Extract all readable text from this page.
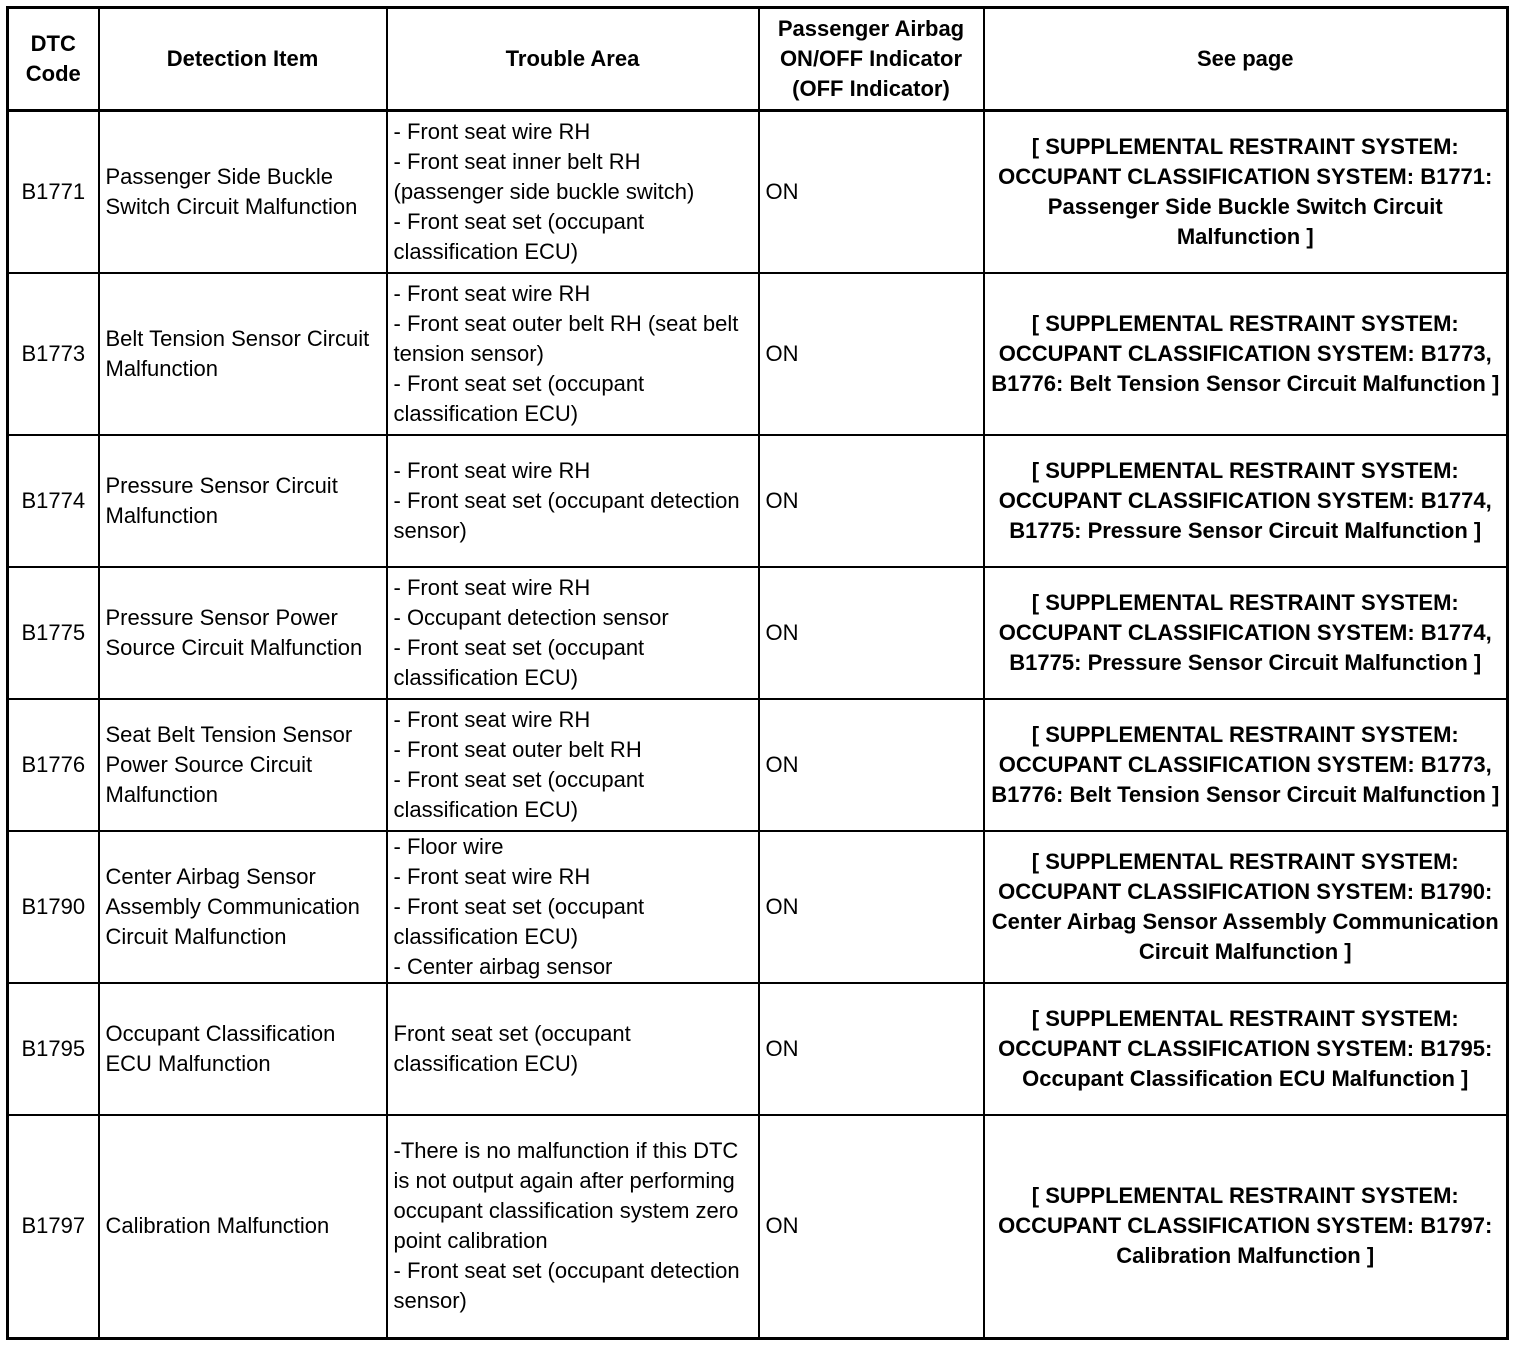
DTC Code	Detection Item	Trouble Area	Passenger Airbag ON/OFF Indicator (OFF Indicator)	See page
B1771	Passenger Side Buckle Switch Circuit Malfunction	- Front seat wire RH
- Front seat inner belt RH (passenger side buckle switch)
- Front seat set (occupant classification ECU)	ON	[ SUPPLEMENTAL RESTRAINT SYSTEM: OCCUPANT CLASSIFICATION SYSTEM: B1771: Passenger Side Buckle Switch Circuit Malfunction ]
B1773	Belt Tension Sensor Circuit Malfunction	- Front seat wire RH
- Front seat outer belt RH (seat belt tension sensor)
- Front seat set (occupant classification ECU)	ON	[ SUPPLEMENTAL RESTRAINT SYSTEM: OCCUPANT CLASSIFICATION SYSTEM: B1773, B1776: Belt Tension Sensor Circuit Malfunction ]
B1774	Pressure Sensor Circuit Malfunction	- Front seat wire RH
- Front seat set (occupant detection sensor)	ON	[ SUPPLEMENTAL RESTRAINT SYSTEM: OCCUPANT CLASSIFICATION SYSTEM: B1774, B1775: Pressure Sensor Circuit Malfunction ]
B1775	Pressure Sensor Power Source Circuit Malfunction	- Front seat wire RH
- Occupant detection sensor
- Front seat set (occupant classification ECU)	ON	[ SUPPLEMENTAL RESTRAINT SYSTEM: OCCUPANT CLASSIFICATION SYSTEM: B1774, B1775: Pressure Sensor Circuit Malfunction ]
B1776	Seat Belt Tension Sensor Power Source Circuit Malfunction	- Front seat wire RH
- Front seat outer belt RH
- Front seat set (occupant classification ECU)	ON	[ SUPPLEMENTAL RESTRAINT SYSTEM: OCCUPANT CLASSIFICATION SYSTEM: B1773, B1776: Belt Tension Sensor Circuit Malfunction ]
B1790	Center Airbag Sensor Assembly Communication Circuit Malfunction	- Floor wire
- Front seat wire RH
- Front seat set (occupant classification ECU)
- Center airbag sensor	ON	[ SUPPLEMENTAL RESTRAINT SYSTEM: OCCUPANT CLASSIFICATION SYSTEM: B1790: Center Airbag Sensor Assembly Communication Circuit Malfunction ]
B1795	Occupant Classification ECU Malfunction	Front seat set (occupant classification ECU)	ON	[ SUPPLEMENTAL RESTRAINT SYSTEM: OCCUPANT CLASSIFICATION SYSTEM: B1795: Occupant Classification ECU Malfunction ]
B1797	Calibration Malfunction	-There is no malfunction if this DTC is not output again after performing occupant classification system zero point calibration
- Front seat set (occupant detection sensor)	ON	[ SUPPLEMENTAL RESTRAINT SYSTEM: OCCUPANT CLASSIFICATION SYSTEM: B1797: Calibration Malfunction ]
